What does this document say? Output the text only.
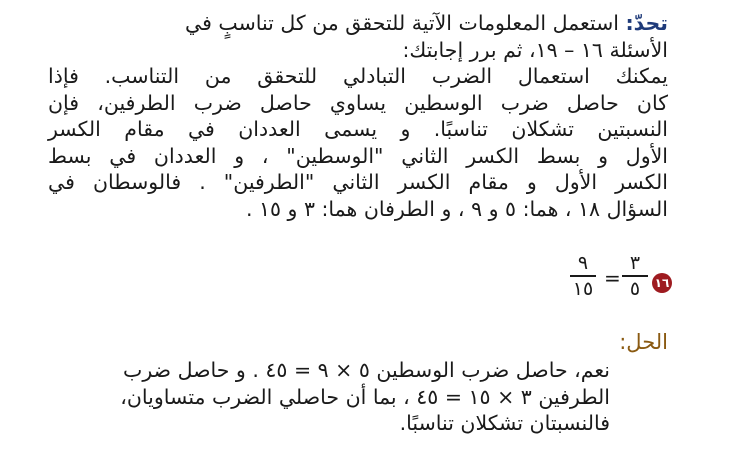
تحدّ: استعمل المعلومات الآتية للتحقق من كل تناسبٍ في
الأسئلة ١٦ – ١٩، ثم برر إجابتك:
يمكنك استعمال الضرب التبادلي للتحقق من التناسب. فإذا
كان حاصل ضرب الوسطين يساوي حاصل ضرب الطرفين، فإن
النسبتين تشكلان تناسبًا. و يسمى العددان في مقام الكسر
الأول و بسط الكسر الثاني "الوسطين" ، و العددان في بسط
الكسر الأول و مقام الكسر الثاني "الطرفين" . فالوسطان في
السؤال ١٨ ، هما: ٥ و ٩ ، و الطرفان هما: ٣ و ١٥ .
٩
١٥ =
٣
٥	١٦
الحل:
نعم، حاصل ضرب الوسطين ٥ × ٩ = ٤٥ . و حاصل ضرب
الطرفين ٣ × ١٥ = ٤٥ ، بما أن حاصلي الضرب متساويان،
فالنسبتان تشكلان تناسبًا.
